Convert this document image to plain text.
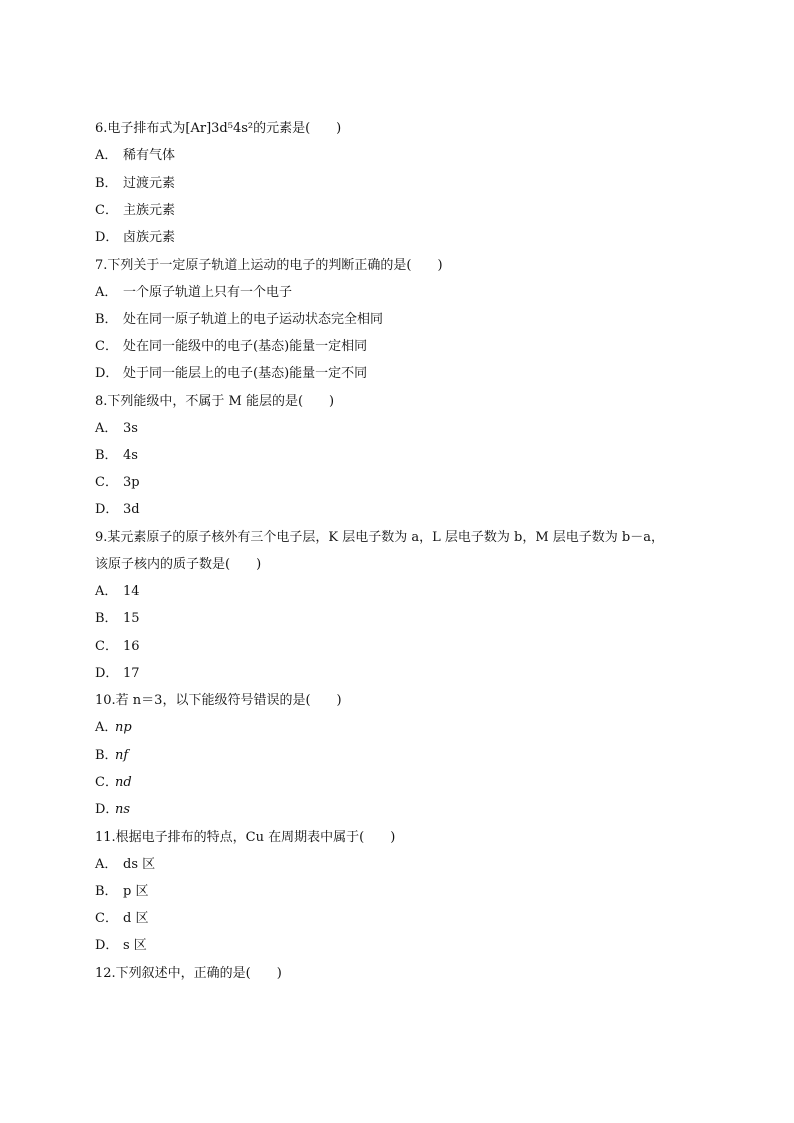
6.电子排布式为[Ar]3d⁵4s²的元素是(　　)
A． 稀有气体
B． 过渡元素
C． 主族元素
D． 卤族元素
7.下列关于一定原子轨道上运动的电子的判断正确的是(　　)
A． 一个原子轨道上只有一个电子
B． 处在同一原子轨道上的电子运动状态完全相同
C． 处在同一能级中的电子(基态)能量一定相同
D． 处于同一能层上的电子(基态)能量一定不同
8.下列能级中，不属于 M 能层的是(　　)
A． 3s
B． 4s
C． 3p
D． 3d
9.某元素原子的原子核外有三个电子层，K 层电子数为 a，L 层电子数为 b，M 层电子数为 b－a，
该原子核内的质子数是(　　)
A． 14
B． 15
C． 16
D． 17
10.若 n＝3，以下能级符号错误的是(　　)
A．np
B．nf
C．nd
D．ns
11.根据电子排布的特点，Cu 在周期表中属于(　　)
A． ds 区
B． p 区
C． d 区
D． s 区
12.下列叙述中，正确的是(　　)
